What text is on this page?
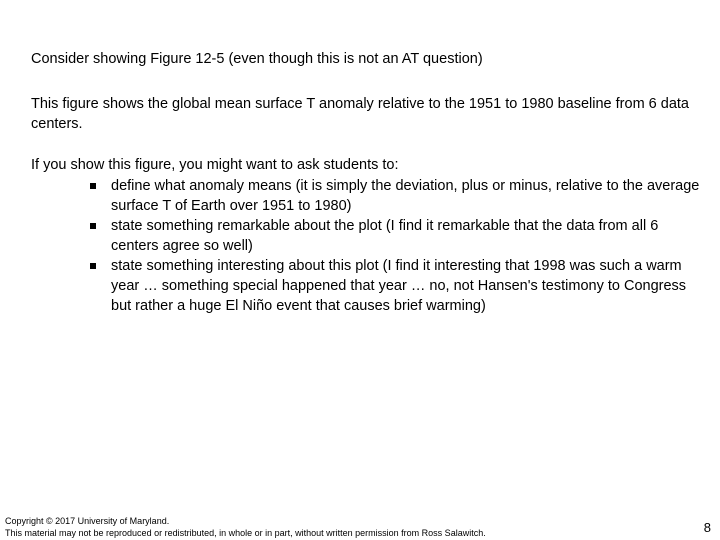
Consider showing Figure 12-5 (even though this is not an AT question)

This figure shows the global mean surface T anomaly relative to the 1951 to 1980 baseline from 6 data centers.

If you show this figure, you might want to ask students to:

define what anomaly means (it is simply the deviation, plus or minus, relative to the average surface T of Earth over 1951 to 1980)
state something remarkable about the plot (I find it remarkable that the data from all 6 centers agree so well)
state something interesting about this plot (I find it interesting that 1998 was such a warm year … something special happened that year … no, not Hansen's testimony to Congress but rather a huge El Niño event that causes brief warming)
Copyright © 2017 University of Maryland.
This material may not be reproduced or redistributed, in whole or in part, without written permission from Ross Salawitch.	8
